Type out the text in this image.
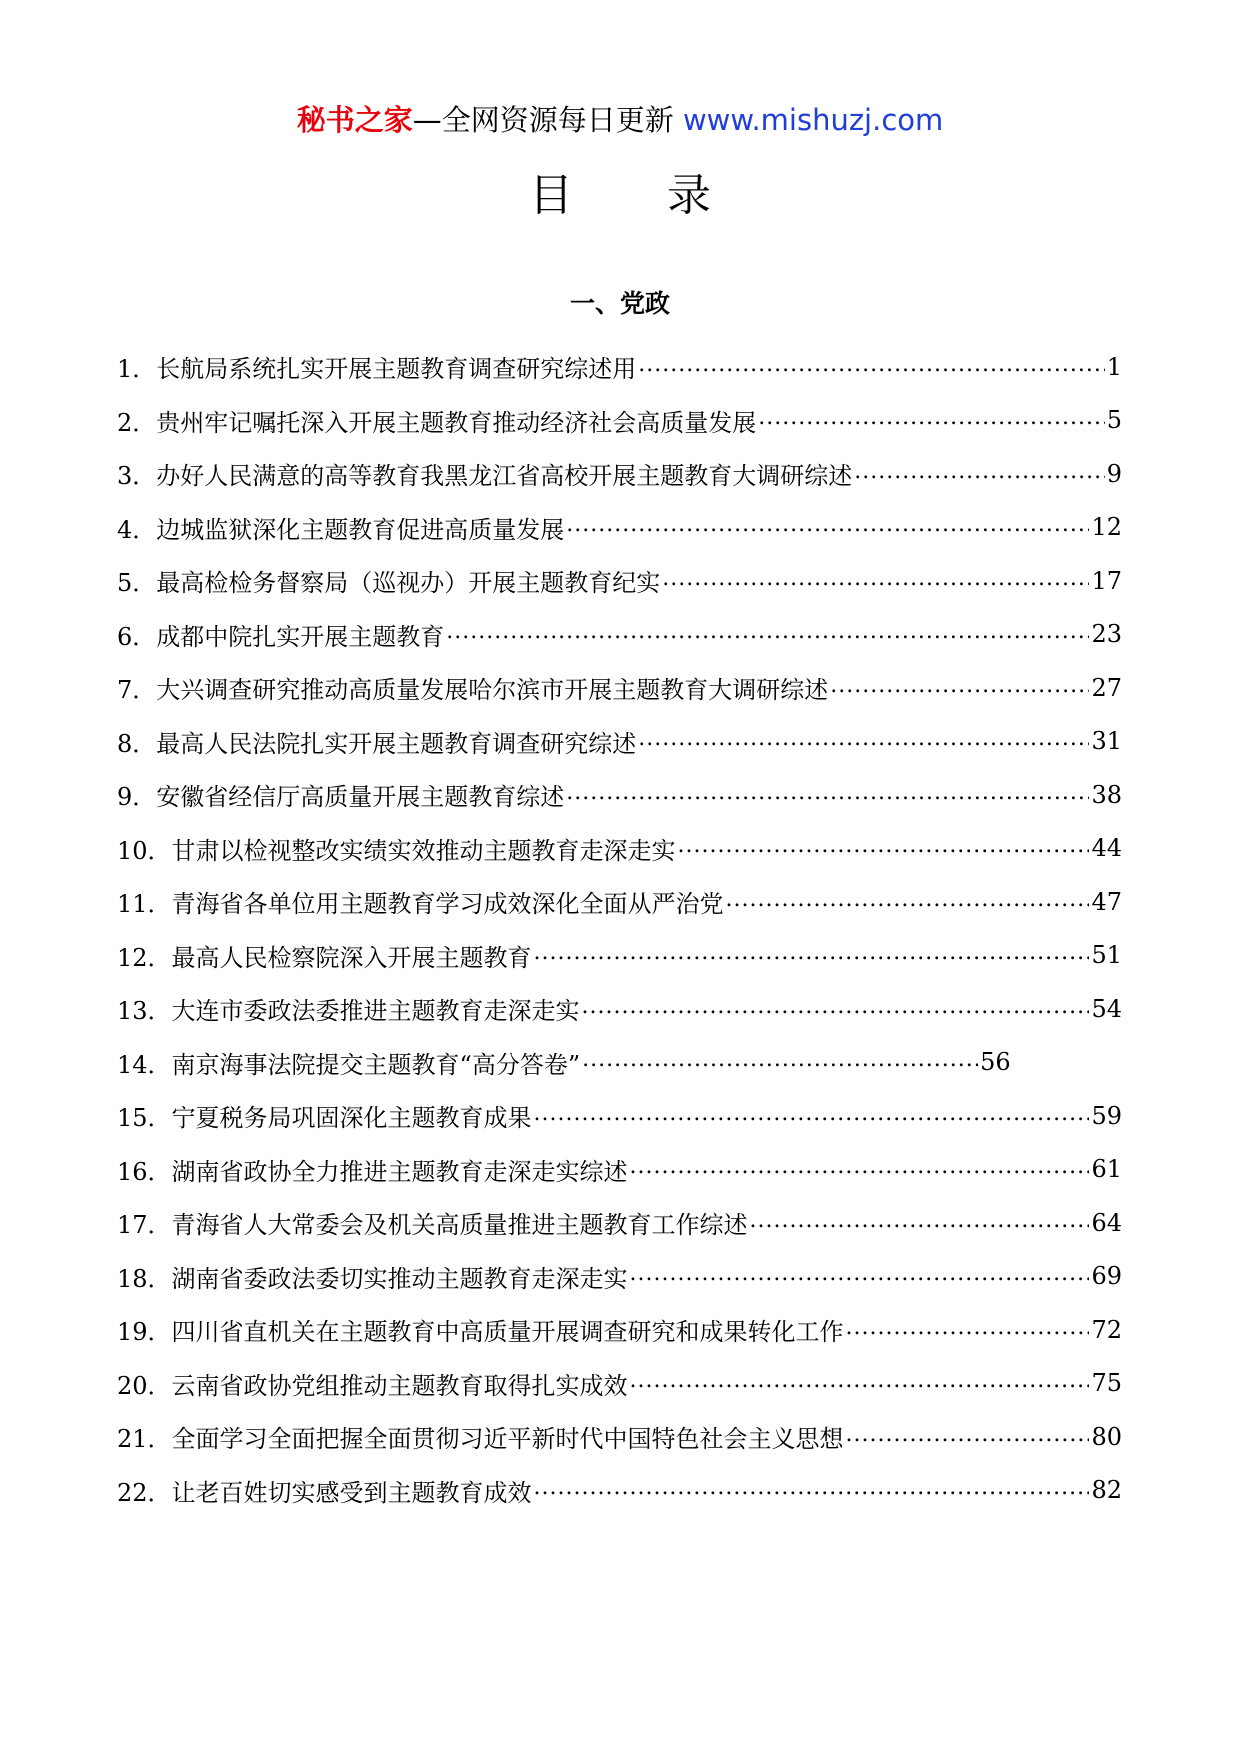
秘书之家—全网资源每日更新 www.mishuzj.com
目 录
一、党政
1． 长航局系统扎实开展主题教育调查研究综述用 .....	1
2． 贵州牢记嘱托深入开展主题教育推动经济社会高质量发展 .....	5
3． 办好人民满意的高等教育我黑龙江省高校开展主题教育大调研综述 .....	9
4． 边城监狱深化主题教育促进高质量发展 .....	12
5． 最高检检务督察局（巡视办）开展主题教育纪实 .....	17
6． 成都中院扎实开展主题教育 .....	23
7． 大兴调查研究推动高质量发展哈尔滨市开展主题教育大调研综述 .....	27
8． 最高人民法院扎实开展主题教育调查研究综述 .....	31
9． 安徽省经信厅高质量开展主题教育综述 .....	38
10． 甘肃以检视整改实绩实效推动主题教育走深走实 .....	44
11． 青海省各单位用主题教育学习成效深化全面从严治党 .....	47
12． 最高人民检察院深入开展主题教育 .....	51
13． 大连市委政法委推进主题教育走深走实 .....	54
14． 南京海事法院提交主题教育“高分答卷” .....	56
15． 宁夏税务局巩固深化主题教育成果 .....	59
16． 湖南省政协全力推进主题教育走深走实综述 .....	61
17． 青海省人大常委会及机关高质量推进主题教育工作综述 .....	64
18． 湖南省委政法委切实推动主题教育走深走实 .....	69
19． 四川省直机关在主题教育中高质量开展调查研究和成果转化工作 .....	72
20． 云南省政协党组推动主题教育取得扎实成效 .....	75
21． 全面学习全面把握全面贯彻习近平新时代中国特色社会主义思想 .....	80
22． 让老百姓切实感受到主题教育成效 .....	82
